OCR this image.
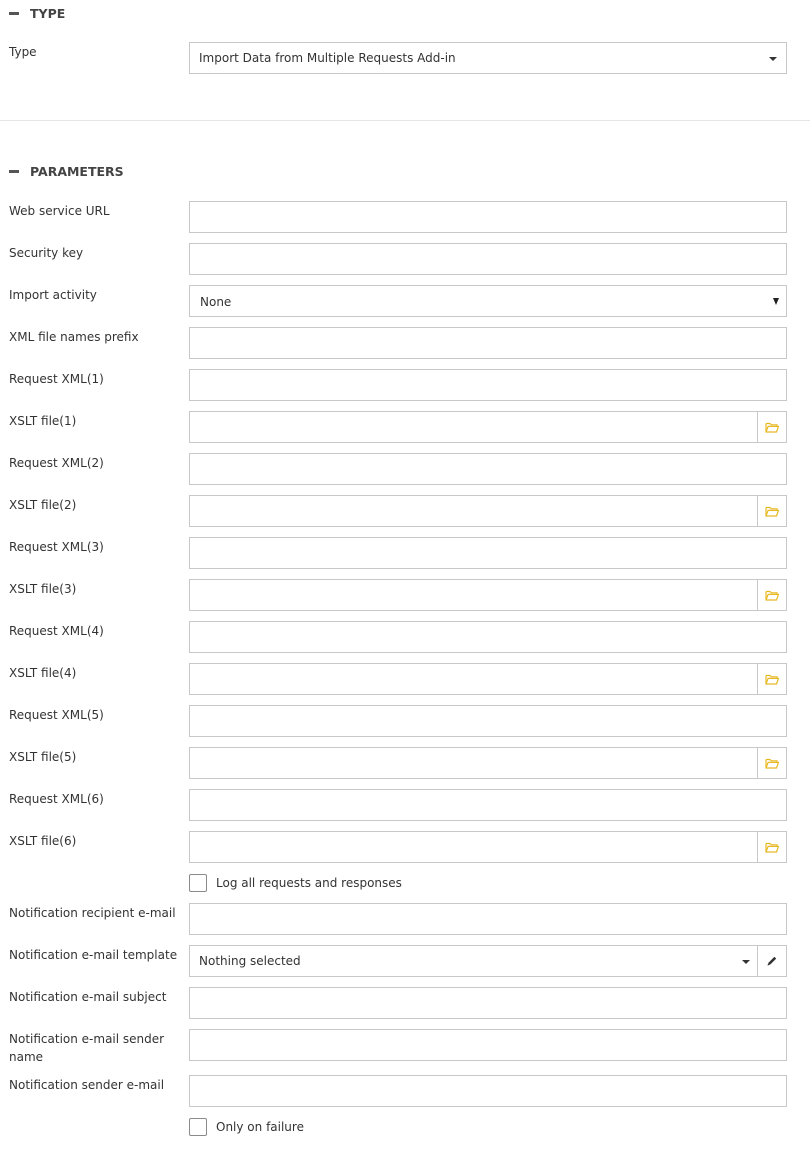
TYPE
Type	Import Data from Multiple Requests Add-in
PARAMETERS
Web service URL
Security key
Import activity	None
XML file names prefix
Request XML(1)
XSLT file(1)
Request XML(2)
XSLT file(2)
Request XML(3)
XSLT file(3)
Request XML(4)
XSLT file(4)
Request XML(5)
XSLT file(5)
Request XML(6)
XSLT file(6)
Log all requests and responses
Notification recipient e-mail
Notification e-mail template Nothing selected
Notification e-mail subject
Notification e-mail sender name
Notification sender e-mail
Only on failure
